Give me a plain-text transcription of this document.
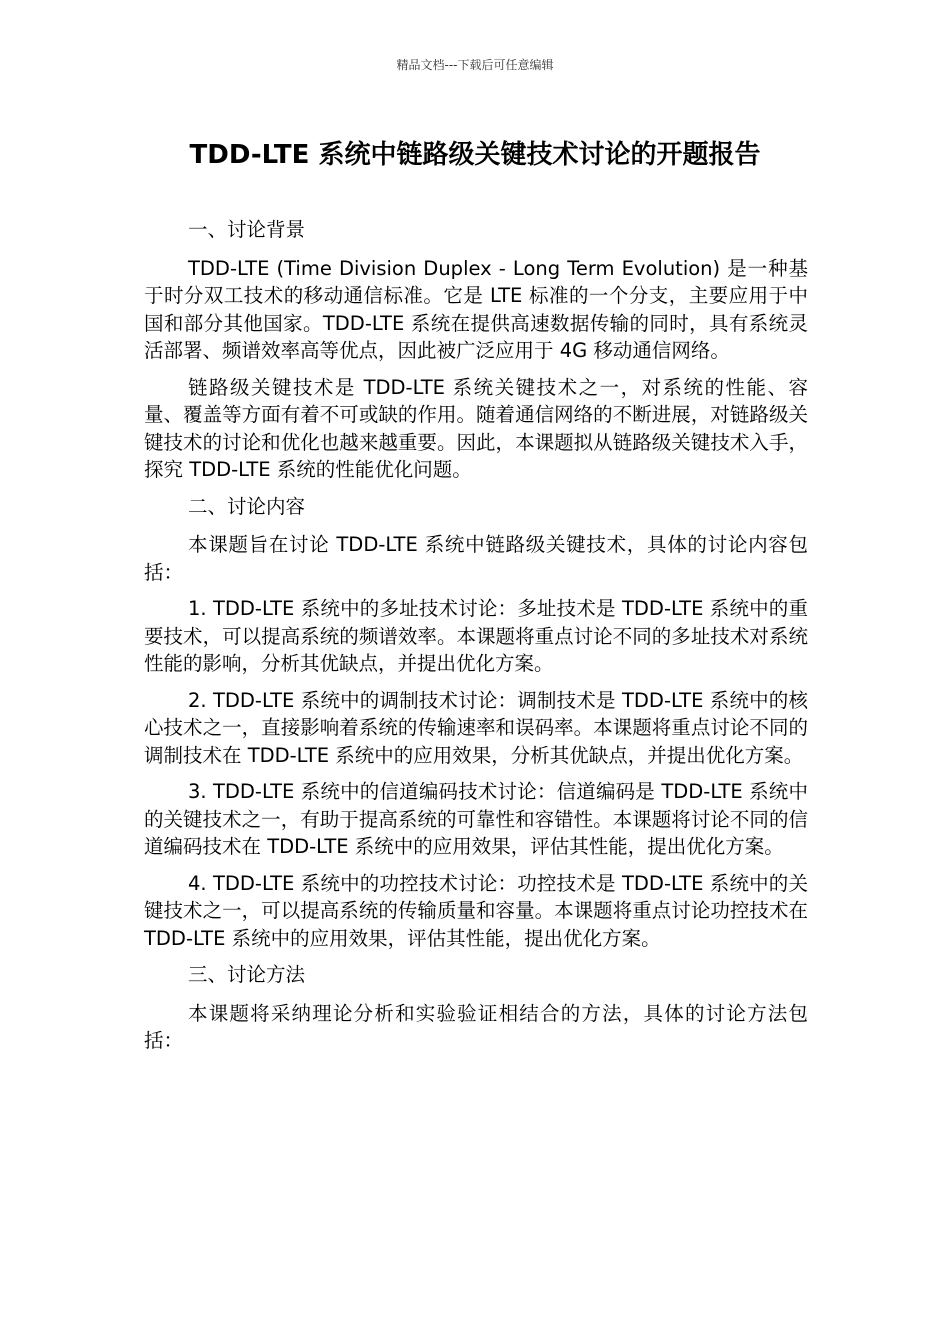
精品文档---下载后可任意编辑
TDD-LTE 系统中链路级关键技术讨论的开题报告

一、讨论背景

TDD-LTE (Time Division Duplex - Long Term Evolution) 是一种基于时分双工技术的移动通信标准。它是 LTE 标准的一个分支，主要应用于中国和部分其他国家。TDD-LTE 系统在提供高速数据传输的同时，具有系统灵活部署、频谱效率高等优点，因此被广泛应用于 4G 移动通信网络。

链路级关键技术是 TDD-LTE 系统关键技术之一，对系统的性能、容量、覆盖等方面有着不可或缺的作用。随着通信网络的不断进展，对链路级关键技术的讨论和优化也越来越重要。因此，本课题拟从链路级关键技术入手，探究 TDD-LTE 系统的性能优化问题。

二、讨论内容

本课题旨在讨论 TDD-LTE 系统中链路级关键技术，具体的讨论内容包括：

1. TDD-LTE 系统中的多址技术讨论：多址技术是 TDD-LTE 系统中的重要技术，可以提高系统的频谱效率。本课题将重点讨论不同的多址技术对系统性能的影响，分析其优缺点，并提出优化方案。

2. TDD-LTE 系统中的调制技术讨论：调制技术是 TDD-LTE 系统中的核心技术之一，直接影响着系统的传输速率和误码率。本课题将重点讨论不同的调制技术在 TDD-LTE 系统中的应用效果，分析其优缺点，并提出优化方案。

3. TDD-LTE 系统中的信道编码技术讨论：信道编码是 TDD-LTE 系统中的关键技术之一，有助于提高系统的可靠性和容错性。本课题将讨论不同的信道编码技术在 TDD-LTE 系统中的应用效果，评估其性能，提出优化方案。

4. TDD-LTE 系统中的功控技术讨论：功控技术是 TDD-LTE 系统中的关键技术之一，可以提高系统的传输质量和容量。本课题将重点讨论功控技术在 TDD-LTE 系统中的应用效果，评估其性能，提出优化方案。

三、讨论方法

本课题将采纳理论分析和实验验证相结合的方法，具体的讨论方法包括：
